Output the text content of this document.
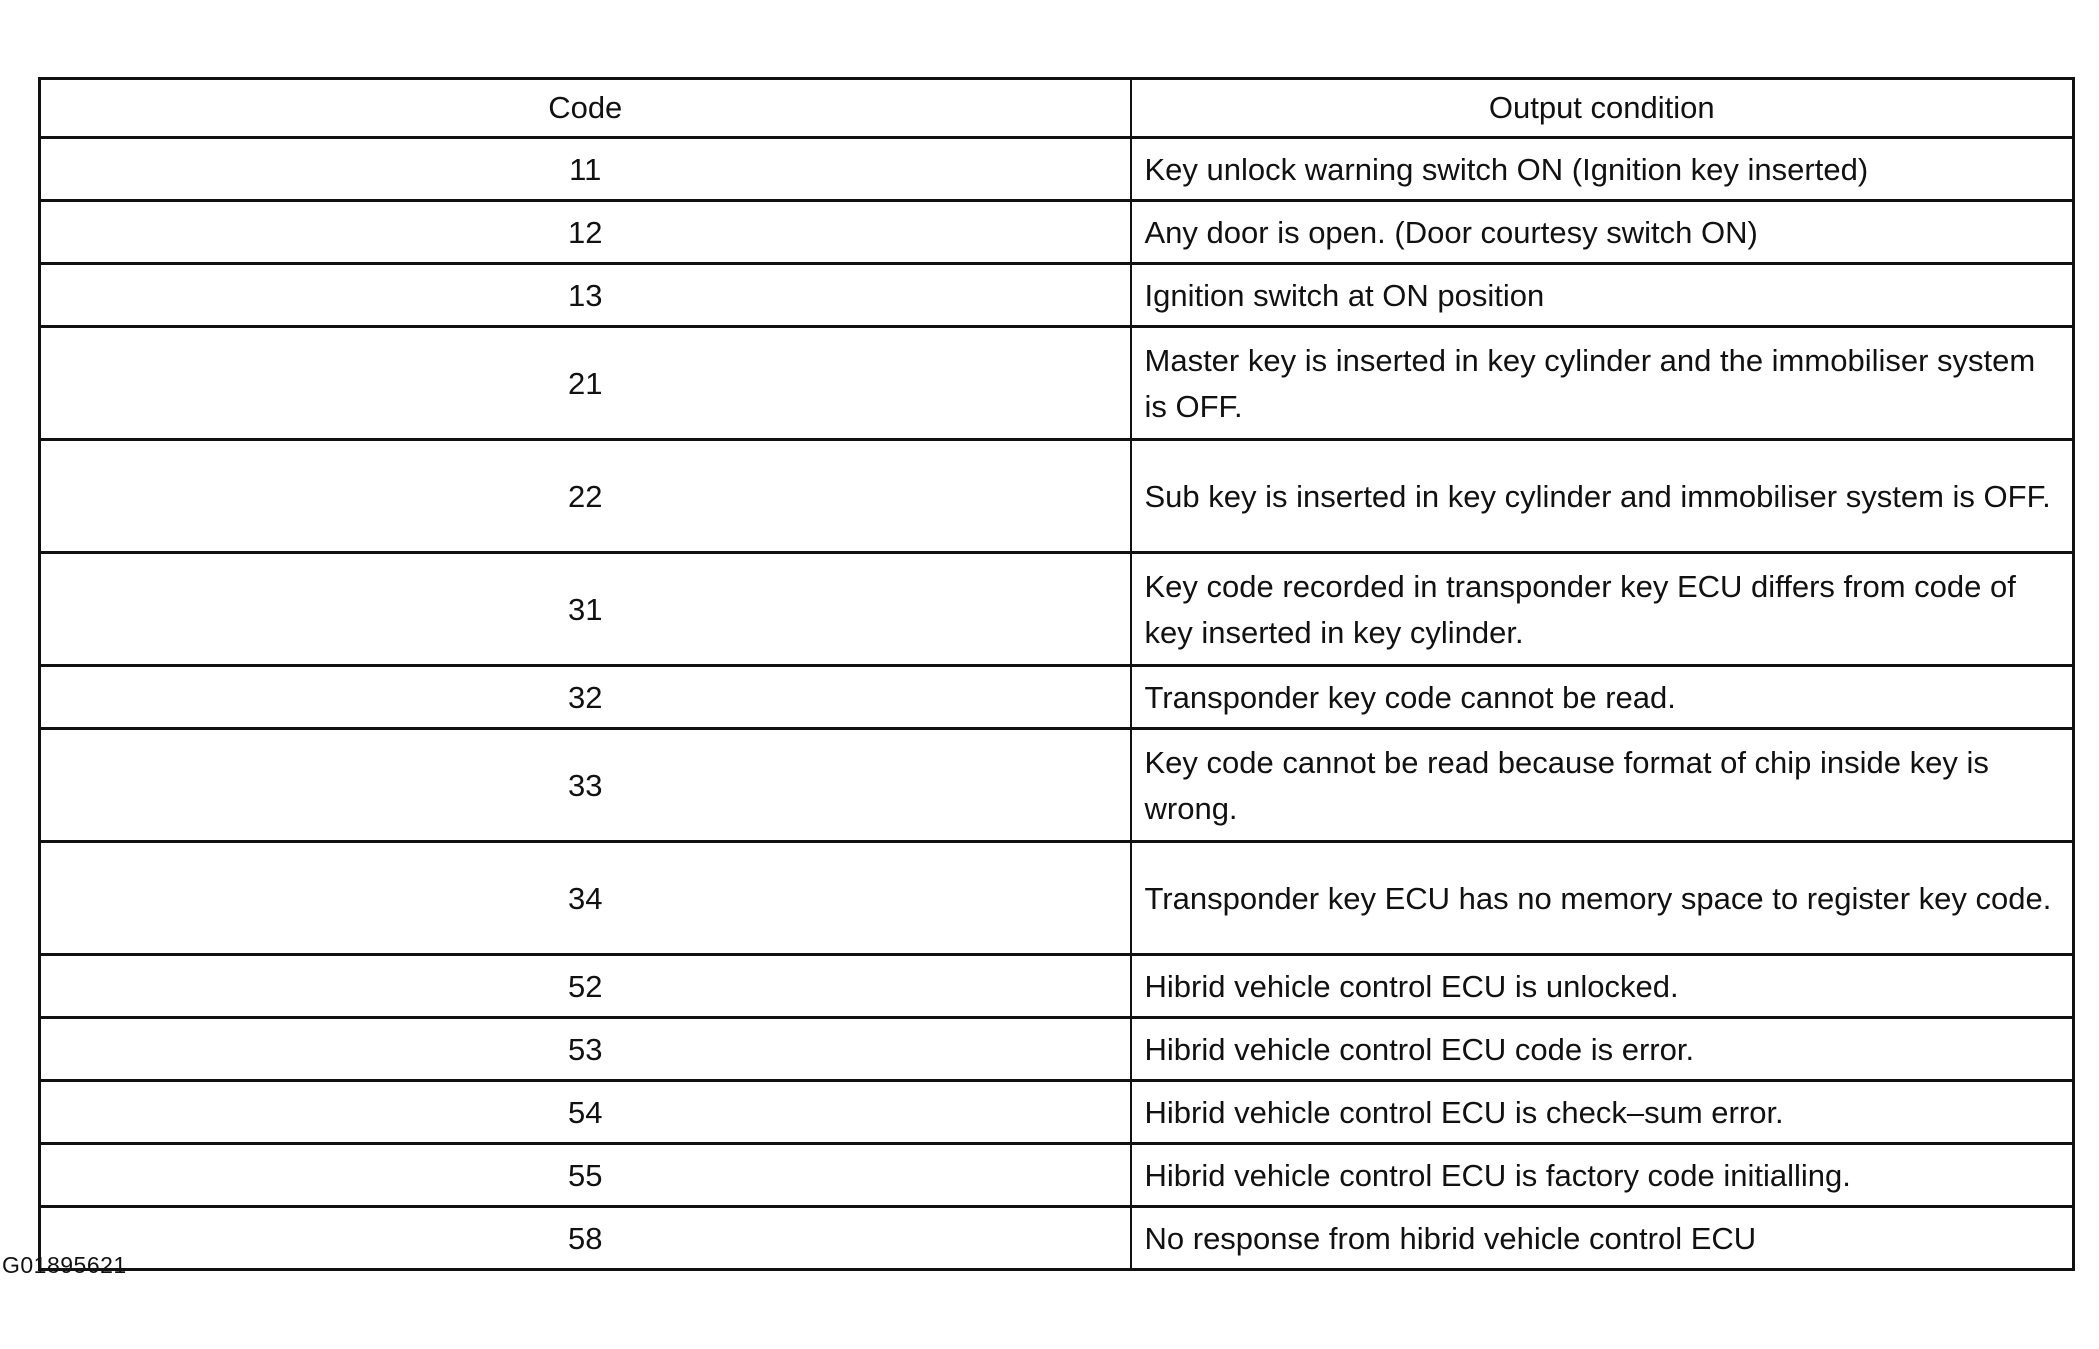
Code	Output condition
11	Key unlock warning switch ON (Ignition key inserted)
12	Any door is open. (Door courtesy switch ON)
13	Ignition switch at ON position
21	Master key is inserted in key cylinder and the immobiliser system is OFF.
22	Sub key is inserted in key cylinder and immobiliser system is OFF.
31	Key code recorded in transponder key ECU differs from code of key inserted in key cylinder.
32	Transponder key code cannot be read.
33	Key code cannot be read because format of chip inside key is wrong.
34	Transponder key ECU has no memory space to register key code.
52	Hibrid vehicle control ECU is unlocked.
53	Hibrid vehicle control ECU code is error.
54	Hibrid vehicle control ECU is check–sum error.
55	Hibrid vehicle control ECU is factory code initialling.
58	No response from hibrid vehicle control ECU
G01895621
